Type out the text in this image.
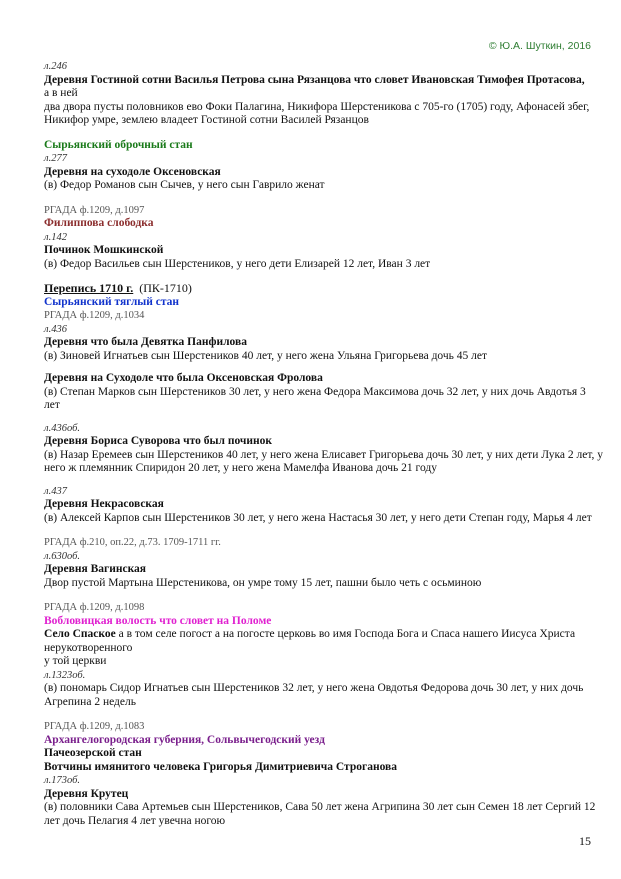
© Ю.А. Шуткин, 2016
л.246
Деревня Гостиной сотни Василья Петрова сына Рязанцова что словет Ивановская Тимофея Протасова,
а в ней
два двора пусты половников ево Фоки Палагина, Никифора Шерстеникова с 705-го (1705) году, Афонасей збег, Никифор умре, землею владеет Гостиной сотни Василей Рязанцов
Сырьянский оброчный стан
л.277
Деревня на суходоле Оксеновская
(в) Федор Романов сын Сычев, у него сын Гаврило женат
РГАДА ф.1209, д.1097
Филиппова слободка
л.142
Починок Мошкинской
(в) Федор Васильев сын Шерстеников, у него дети Елизарей 12 лет, Иван 3 лет
Перепись 1710 г. (ПК-1710)
Сырьянский тяглый стан
РГАДА ф.1209, д.1034
л.436
Деревня что была Девятка Панфилова
(в) Зиновей Игнатьев сын Шерстеников 40 лет, у него жена Ульяна Григорьева дочь 45 лет
Деревня на Суходоле что была Оксеновская Фролова
(в) Степан Марков сын Шерстеников 30 лет, у него жена Федора Максимова дочь 32 лет, у них дочь Авдотья 3 лет
л.436об.
Деревня Бориса Суворова что был починок
(в) Назар Еремеев сын Шерстеников 40 лет, у него жена Елисавет Григорьева дочь 30 лет, у них дети Лука 2 лет, у него ж племянник Спиридон 20 лет, у него жена Мамелфа Иванова дочь 21 году
л.437
Деревня Некрасовская
(в) Алексей Карпов сын Шерстеников 30 лет, у него жена Настасья 30 лет, у него дети Степан году, Марья 4 лет
РГАДА ф.210, оп.22, д.73. 1709-1711 гг.
л.630об.
Деревня Вагинская
Двор пустой Мартына Шерстеникова, он умре тому 15 лет, пашни было четь с осьминою
РГАДА ф.1209, д.1098
Вобловицкая волость что словет на Поломе
Село Спаское а в том селе погост а на погосте церковь во имя Господа Бога и Спаса нашего Иисуса Христа нерукотворенного
у той церкви
л.1323об.
(в) пономарь Сидор Игнатьев сын Шерстеников 32 лет, у него жена Овдотья Федорова дочь 30 лет, у них дочь Агрепина 2 недель
РГАДА ф.1209, д.1083
Архангелогородская губерния, Сольвычегодский уезд
Пачеозерской стан
Вотчины имянитого человека Григорья Димитриевича Строганова
л.173об.
Деревня Крутец
(в) половники Сава Артемьев сын Шерстеников, Сава 50 лет жена Агрипина 30 лет сын Семен 18 лет Сергий 12 лет дочь Пелагия 4 лет увечна ногою
15
